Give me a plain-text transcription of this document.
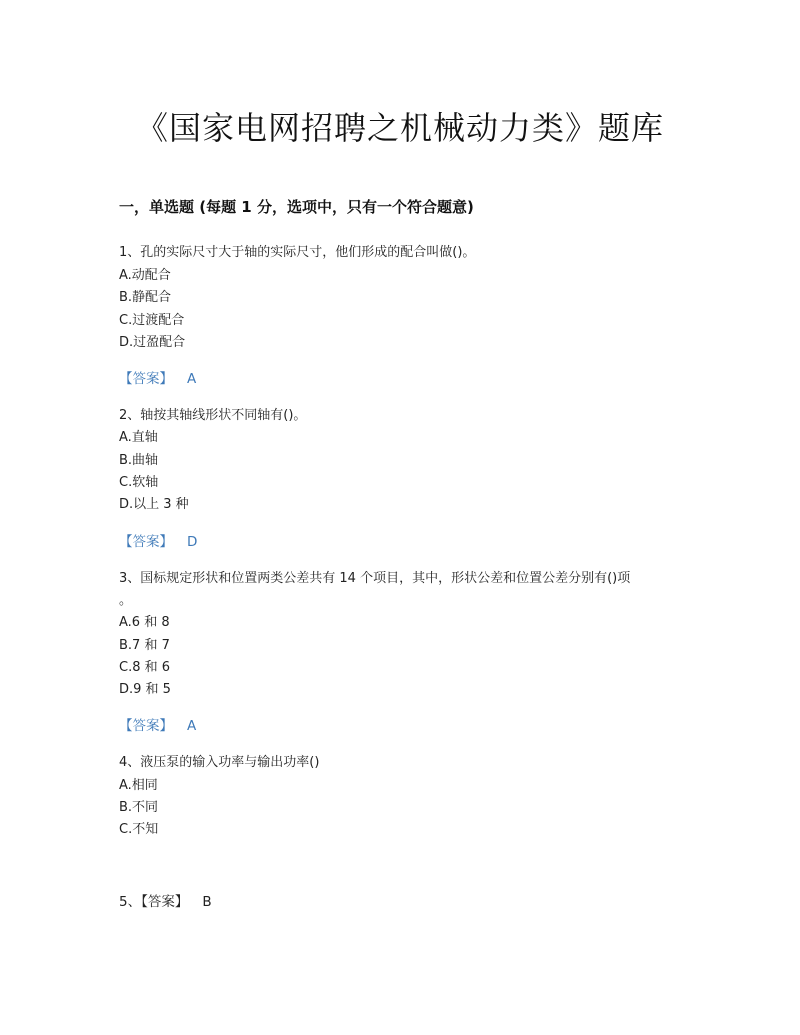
《国家电网招聘之机械动力类》题库
一，单选题 (每题 1 分，选项中，只有一个符合题意)
1、孔的实际尺寸大于轴的实际尺寸，他们形成的配合叫做()。
A.动配合
B.静配合
C.过渡配合
D.过盈配合
【答案】 A
2、轴按其轴线形状不同轴有()。
A.直轴
B.曲轴
C.软轴
D.以上 3 种
【答案】 D
3、国标规定形状和位置两类公差共有 14 个项目，其中，形状公差和位置公差分别有()项
。
A.6 和 8
B.7 和 7
C.8 和 6
D.9 和 5
【答案】 A
4、液压泵的输入功率与输出功率()
A.相同
B.不同
C.不知
5、【答案】 B
